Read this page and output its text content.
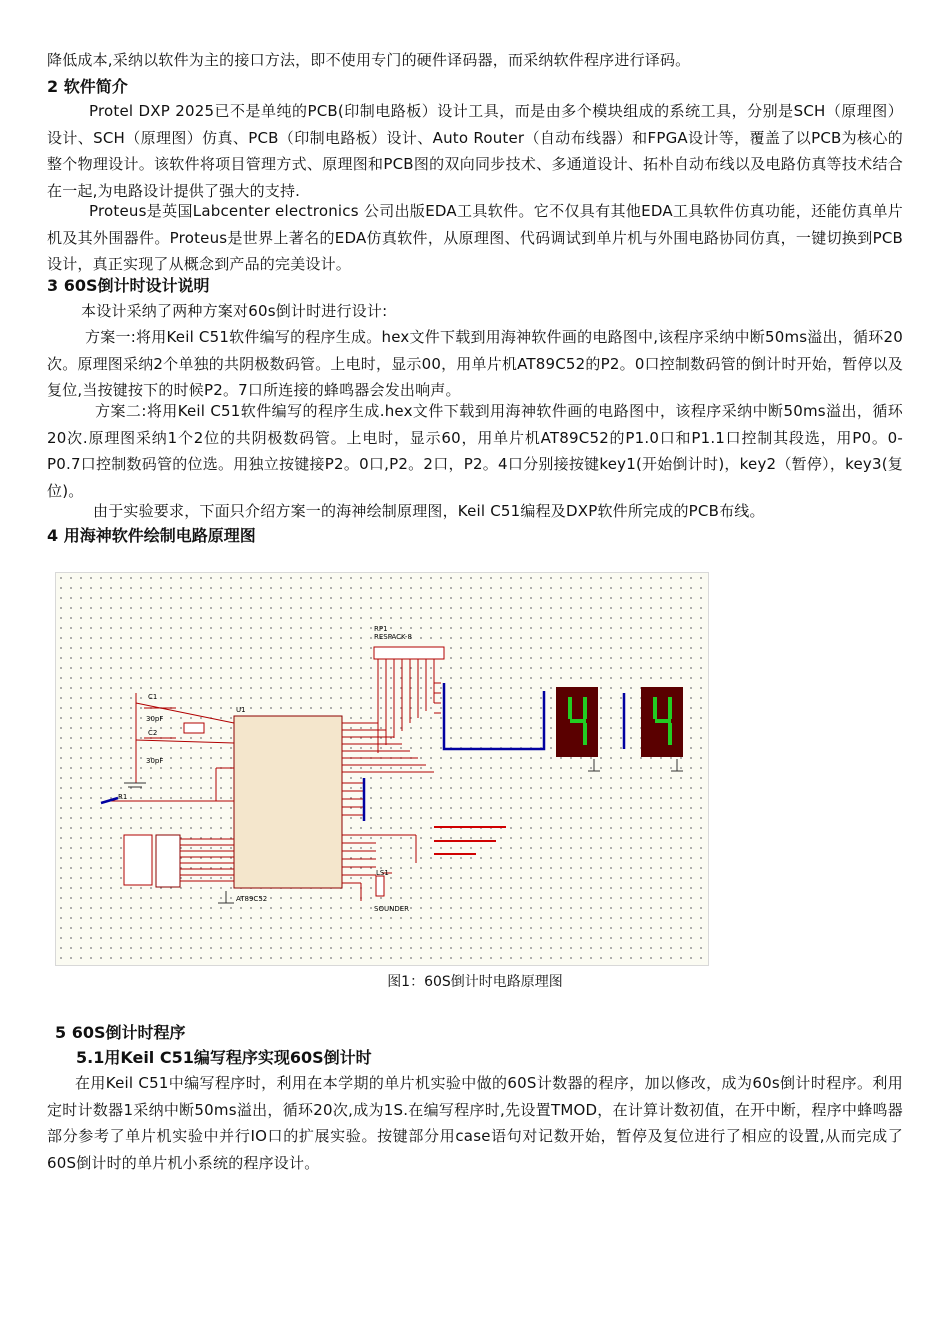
降低成本,采纳以软件为主的接口方法，即不使用专门的硬件译码器，而采纳软件程序进行译码。

2 软件简介

Protel DXP 2025已不是单纯的PCB(印制电路板）设计工具，而是由多个模块组成的系统工具，分别是SCH（原理图）设计、SCH（原理图）仿真、PCB（印制电路板）设计、Auto Router（自动布线器）和FPGA设计等，覆盖了以PCB为核心的整个物理设计。该软件将项目管理方式、原理图和PCB图的双向同步技术、多通道设计、拓朴自动布线以及电路仿真等技术结合在一起,为电路设计提供了强大的支持.

Proteus是英国Labcenter electronics 公司出版EDA工具软件。它不仅具有其他EDA工具软件仿真功能，还能仿真单片机及其外围器件。Proteus是世界上著名的EDA仿真软件，从原理图、代码调试到单片机与外围电路协同仿真，一键切换到PCB设计，真正实现了从概念到产品的完美设计。

3 60S倒计时设计说明

本设计采纳了两种方案对60s倒计时进行设计:

方案一:将用Keil C51软件编写的程序生成。hex文件下载到用海神软件画的电路图中,该程序采纳中断50ms溢出，循环20次。原理图采纳2个单独的共阴极数码管。上电时，显示00，用单片机AT89C52的P2。0口控制数码管的倒计时开始，暂停以及复位,当按键按下的时候P2。7口所连接的蜂鸣器会发出响声。

方案二:将用Keil C51软件编写的程序生成.hex文件下载到用海神软件画的电路图中，该程序采纳中断50ms溢出，循环20次.原理图采纳1个2位的共阴极数码管。上电时，显示60，用单片机AT89C52的P1.0口和P1.1口控制其段选，用P0。0-P0.7口控制数码管的位选。用独立按键接P2。0口,P2。2口，P2。4口分别接按键key1(开始倒计时)，key2（暂停），key3(复位)。

由于实验要求，下面只介绍方案一的海神绘制原理图，Keil C51编程及DXP软件所完成的PCB布线。

4 用海神软件绘制电路原理图

U1
AT89C52
RP1
RESPACK-8
C1
C2
30pF
30pF
R1
LS1
SOUNDER
图1：60S倒计时电路原理图

5 60S倒计时程序

5.1用Keil C51编写程序实现60S倒计时

在用Keil C51中编写程序时，利用在本学期的单片机实验中做的60S计数器的程序，加以修改，成为60s倒计时程序。利用定时计数器1采纳中断50ms溢出，循环20次,成为1S.在编写程序时,先设置TMOD，在计算计数初值，在开中断，程序中蜂鸣器部分参考了单片机实验中并行IO口的扩展实验。按键部分用case语句对记数开始，暂停及复位进行了相应的设置,从而完成了60S倒计时的单片机小系统的程序设计。
